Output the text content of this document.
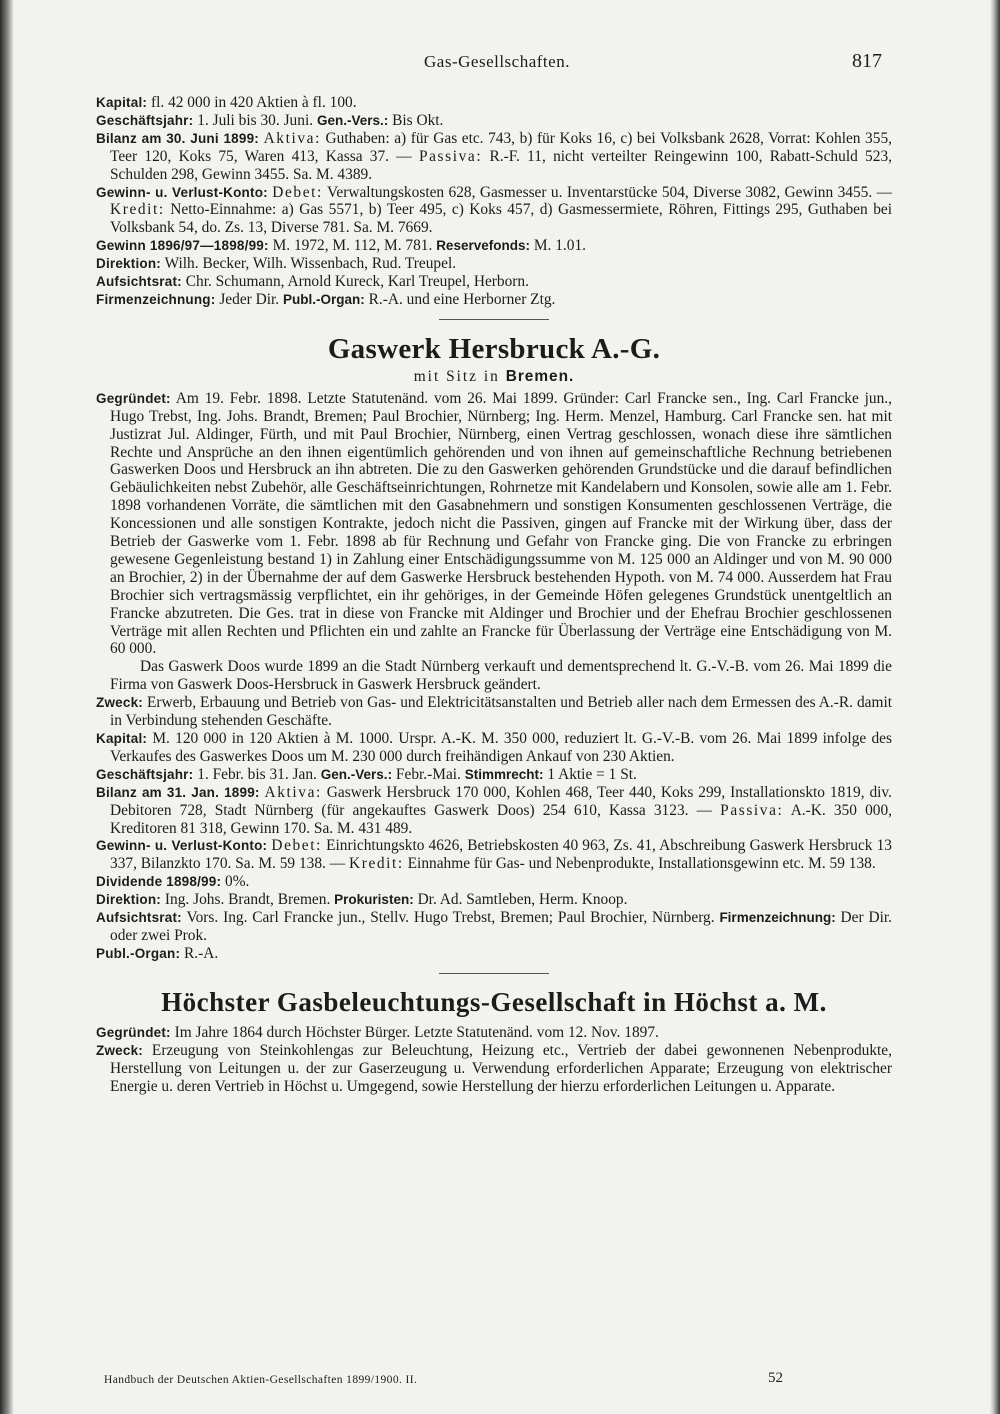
Gas-Gesellschaften.	817

Kapital: fl. 42 000 in 420 Aktien à fl. 100.

Geschäftsjahr: 1. Juli bis 30. Juni. Gen.-Vers.: Bis Okt.

Bilanz am 30. Juni 1899: Aktiva: Guthaben: a) für Gas etc. 743, b) für Koks 16, c) bei Volksbank 2628, Vorrat: Kohlen 355, Teer 120, Koks 75, Waren 413, Kassa 37. — Passiva: R.-F. 11, nicht verteilter Reingewinn 100, Rabatt-Schuld 523, Schulden 298, Gewinn 3455. Sa. M. 4389.

Gewinn- u. Verlust-Konto: Debet: Verwaltungskosten 628, Gasmesser u. Inventarstücke 504, Diverse 3082, Gewinn 3455. — Kredit: Netto-Einnahme: a) Gas 5571, b) Teer 495, c) Koks 457, d) Gasmessermiete, Röhren, Fittings 295, Guthaben bei Volksbank 54, do. Zs. 13, Diverse 781. Sa. M. 7669.

Gewinn 1896/97—1898/99: M. 1972, M. 112, M. 781. Reservefonds: M. 1.01.

Direktion: Wilh. Becker, Wilh. Wissenbach, Rud. Treupel.

Aufsichtsrat: Chr. Schumann, Arnold Kureck, Karl Treupel, Herborn.

Firmenzeichnung: Jeder Dir. Publ.-Organ: R.-A. und eine Herborner Ztg.

Gaswerk Hersbruck A.-G.
mit Sitz in Bremen.

Gegründet: Am 19. Febr. 1898. Letzte Statutenänd. vom 26. Mai 1899. Gründer: Carl Francke sen., Ing. Carl Francke jun., Hugo Trebst, Ing. Johs. Brandt, Bremen; Paul Brochier, Nürnberg; Ing. Herm. Menzel, Hamburg. Carl Francke sen. hat mit Justizrat Jul. Aldinger, Fürth, und mit Paul Brochier, Nürnberg, einen Vertrag geschlossen, wonach diese ihre sämtlichen Rechte und Ansprüche an den ihnen eigentümlich gehörenden und von ihnen auf gemeinschaftliche Rechnung betriebenen Gaswerken Doos und Hersbruck an ihn abtreten. Die zu den Gaswerken gehörenden Grundstücke und die darauf befindlichen Gebäulichkeiten nebst Zubehör, alle Geschäftseinrichtungen, Rohrnetze mit Kandelabern und Konsolen, sowie alle am 1. Febr. 1898 vorhandenen Vorräte, die sämtlichen mit den Gasabnehmern und sonstigen Konsumenten geschlossenen Verträge, die Koncessionen und alle sonstigen Kontrakte, jedoch nicht die Passiven, gingen auf Francke mit der Wirkung über, dass der Betrieb der Gaswerke vom 1. Febr. 1898 ab für Rechnung und Gefahr von Francke ging. Die von Francke zu erbringen gewesene Gegenleistung bestand 1) in Zahlung einer Entschädigungssumme von M. 125 000 an Aldinger und von M. 90 000 an Brochier, 2) in der Übernahme der auf dem Gaswerke Hersbruck bestehenden Hypoth. von M. 74 000. Ausserdem hat Frau Brochier sich vertragsmässig verpflichtet, ein ihr gehöriges, in der Gemeinde Höfen gelegenes Grundstück unentgeltlich an Francke abzutreten. Die Ges. trat in diese von Francke mit Aldinger und Brochier und der Ehefrau Brochier geschlossenen Verträge mit allen Rechten und Pflichten ein und zahlte an Francke für Überlassung der Verträge eine Entschädigung von M. 60 000.

Das Gaswerk Doos wurde 1899 an die Stadt Nürnberg verkauft und dementsprechend lt. G.-V.-B. vom 26. Mai 1899 die Firma von Gaswerk Doos-Hersbruck in Gaswerk Hersbruck geändert.

Zweck: Erwerb, Erbauung und Betrieb von Gas- und Elektricitätsanstalten und Betrieb aller nach dem Ermessen des A.-R. damit in Verbindung stehenden Geschäfte.

Kapital: M. 120 000 in 120 Aktien à M. 1000. Urspr. A.-K. M. 350 000, reduziert lt. G.-V.-B. vom 26. Mai 1899 infolge des Verkaufes des Gaswerkes Doos um M. 230 000 durch freihändigen Ankauf von 230 Aktien.

Geschäftsjahr: 1. Febr. bis 31. Jan. Gen.-Vers.: Febr.-Mai. Stimmrecht: 1 Aktie = 1 St.

Bilanz am 31. Jan. 1899: Aktiva: Gaswerk Hersbruck 170 000, Kohlen 468, Teer 440, Koks 299, Installationskto 1819, div. Debitoren 728, Stadt Nürnberg (für angekauftes Gaswerk Doos) 254 610, Kassa 3123. — Passiva: A.-K. 350 000, Kreditoren 81 318, Gewinn 170. Sa. M. 431 489.

Gewinn- u. Verlust-Konto: Debet: Einrichtungskto 4626, Betriebskosten 40 963, Zs. 41, Abschreibung Gaswerk Hersbruck 13 337, Bilanzkto 170. Sa. M. 59 138. — Kredit: Einnahme für Gas- und Nebenprodukte, Installationsgewinn etc. M. 59 138.

Dividende 1898/99: 0%.

Direktion: Ing. Johs. Brandt, Bremen. Prokuristen: Dr. Ad. Samtleben, Herm. Knoop.

Aufsichtsrat: Vors. Ing. Carl Francke jun., Stellv. Hugo Trebst, Bremen; Paul Brochier, Nürnberg. Firmenzeichnung: Der Dir. oder zwei Prok.

Publ.-Organ: R.-A.

Höchster Gasbeleuchtungs-Gesellschaft in Höchst a. M.

Gegründet: Im Jahre 1864 durch Höchster Bürger. Letzte Statutenänd. vom 12. Nov. 1897.

Zweck: Erzeugung von Steinkohlengas zur Beleuchtung, Heizung etc., Vertrieb der dabei gewonnenen Nebenprodukte, Herstellung von Leitungen u. der zur Gaserzeugung u. Verwendung erforderlichen Apparate; Erzeugung von elektrischer Energie u. deren Vertrieb in Höchst u. Umgegend, sowie Herstellung der hierzu erforderlichen Leitungen u. Apparate.

Handbuch der Deutschen Aktien-Gesellschaften 1899/1900. II.	52
